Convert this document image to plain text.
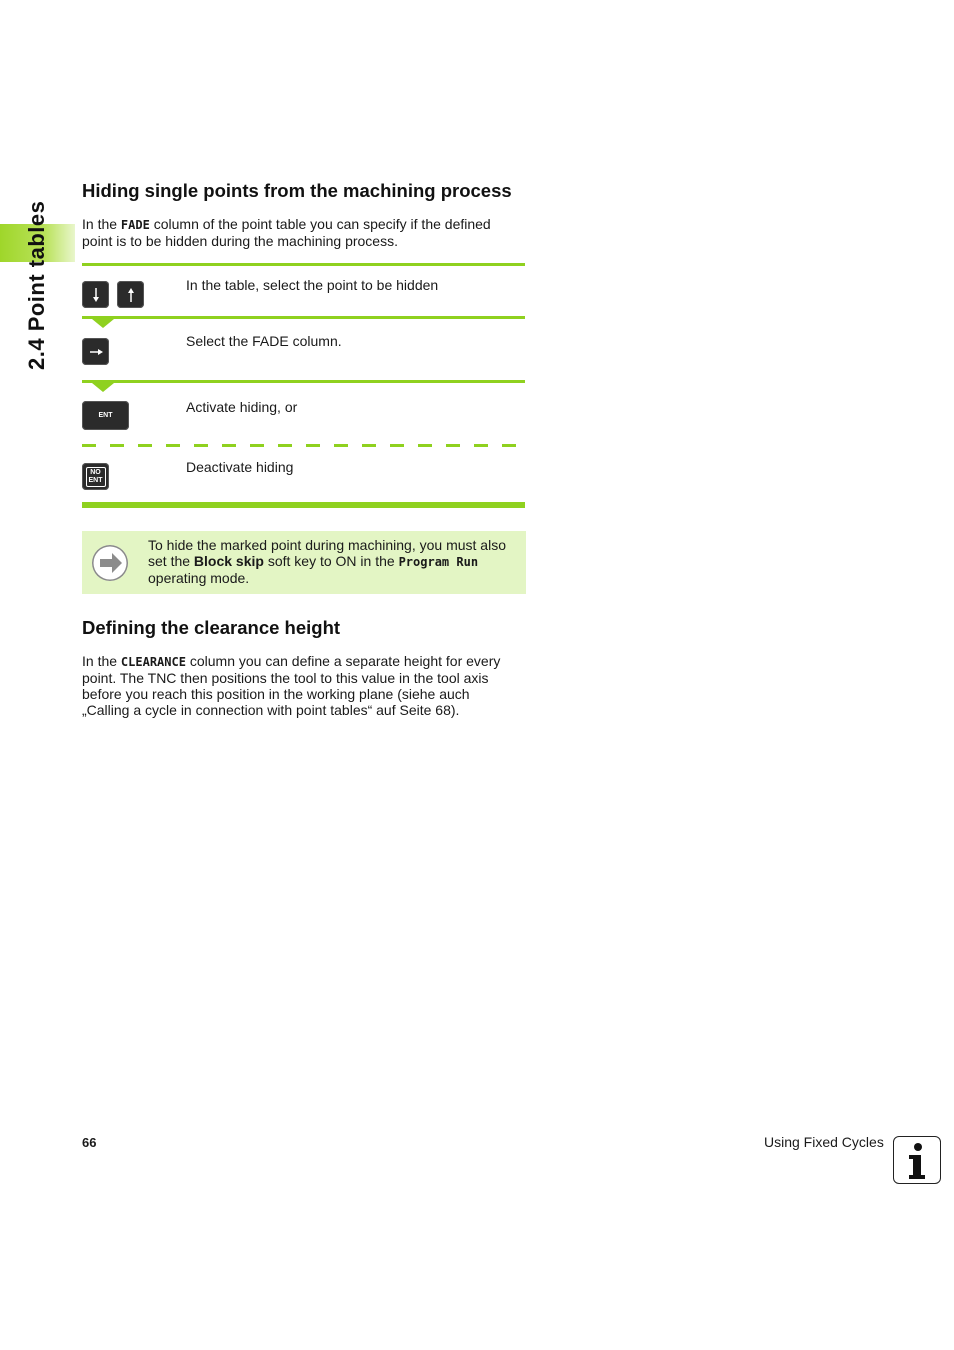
2.4 Point tables
Hiding single points from the machining process

In the FADE column of the point table you can specify if the defined

point is to be hidden during the machining process.

In the table, select the point to be hidden
Select the FADE column.
ENT	Activate hiding, or
NO
ENT
Deactivate hiding

To hide the marked point during machining, you must also

set the Block skip soft key to ON in the Program Run

operating mode.

Defining the clearance height

In the CLEARANCE column you can define a separate height for every

point. The TNC then positions the tool to this value in the tool axis

before you reach this position in the working plane (siehe auch

„Calling a cycle in connection with point tables“ auf Seite 68).

66	Using Fixed Cycles
